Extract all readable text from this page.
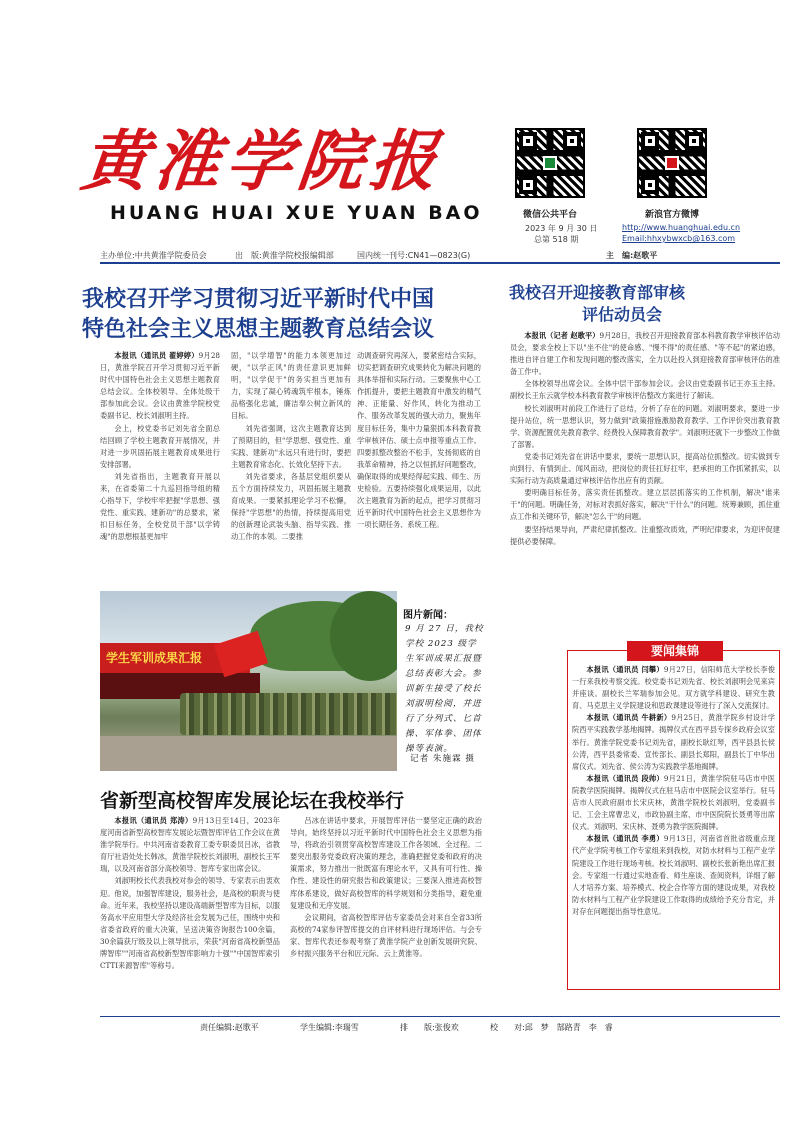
黄淮学院报
HUANG HUAI XUE YUAN BAO	微信公共平台	新浪官方微博
2023 年 9 月 30 日
总第 518 期
http://www.huanghuai.edu.cn
Email:hhxybwxcb@163.com
主办单位:中共黄淮学院委员会	出　版:黄淮学院校报编辑部	国内统一刊号:CN41—0823(G)	主　编:赵歌平
我校召开学习贯彻习近平新时代中国
特色社会主义思想主题教育总结会议

本报讯（通讯员 翟婷婷）9月28日，黄淮学院召开学习贯彻习近平新时代中国特色社会主义思想主题教育总结会议。全体校领导、全体处级干部参加此会议。会议由黄淮学院校党委副书记、校长刘淑明主持。

会上，校党委书记刘先省全面总结回顾了学校主题教育开展情况，并对进一步巩固拓展主题教育成果进行安排部署。

刘先省指出，主题教育开展以来，在省委第二十九巡回指导组的精心指导下，学校牢牢把握"学思想、强党性、重实践、建新功"的总要求，紧扣目标任务，全校党员干部"以学铸魂"的思想根基更加牢

固，"以学增智"的能力本领更加过硬，"以学正风"的责任意识更加鲜明，"以学促干"的务实担当更加有力，实现了凝心铸魂筑牢根本，锤炼品格强化忠诚，廉洁奉公树立新风的目标。

刘先省强调，这次主题教育达到了预期目的，但"学思想、强党性、重实践、建新功"永远只有进行时，要把主题教育常态化、长效化坚持下去。

刘先省要求，各基层党组织要从五个方面持续发力，巩固拓展主题教育成果。一要紧抓理论学习不松懈，保持"学思想"的热情，持续提高用党的创新理论武装头脑、指导实践、推动工作的本领。二要推

动调查研究再深入，要紧密结合实际，切实把调查研究成果转化为解决问题的具体举措和实际行动。三要聚焦中心工作抓提升，要把主题教育中激发的精气神、正能量、好作风，转化为推动工作、服务改革发展的强大动力，聚焦年度目标任务，集中力量狠抓本科教育教学审核评估、硕士点申报等重点工作。四要抓整改整治不松手，发扬彻底的自我革命精神，持之以恒抓好问题整改，确保取得的成果经得起实践、师生、历史检验。五要持续强化成果运用，以此次主题教育为新的起点，把学习贯彻习近平新时代中国特色社会主义思想作为一项长期任务、系统工程。

学生军训成果汇报
图片新闻：
9 月 27 日，我校学校 2023 级学生军训成果汇报暨总结表彰大会。参训新生接受了校长刘淑明检阅，并进行了分列式、匕首操、军体拳、团体操等表演。
记者 朱施霖 摄
省新型高校智库发展论坛在我校举行

本报讯（通讯员 郑涛）9月13日至14日，2023年度河南省新型高校智库发展论坛暨智库评估工作会议在黄淮学院举行。中共河南省委教育工委专职委员吕冰，省教育厅社语处处长韩冰，黄淮学院校长刘淑明，副校长王军瑞，以及河南省部分高校领导、智库专家出席会议。

刘淑明校长代表我校对参会的领导、专家表示由衷欢迎。他说，加强智库建设，服务社会，是高校的职责与使命。近年来，我校坚持以建设高端新型智库为目标，以服务高水平应用型大学及经济社会发展为己任，围绕中央和省委省政府的重大决策，呈送决策咨询报告100余篇，30余篇获厅级及以上领导批示，荣获"河南省高校新型品牌智库""河南省高校新型智库影响力十强""中国智库索引CTTI来源智库"等称号。

吕冰在讲话中要求，开展智库评估一要坚定正确的政治导向，始终坚持以习近平新时代中国特色社会主义思想为指导，将政治引领贯穿高校智库建设工作各领域、全过程。二要突出服务党委政府决策的理念，准确把握党委和政府的决策需求，努力推出一批既富有理论水平，又具有可行性、操作性、建设性的研究报告和政策建议；三要深入推进高校智库体系建设，做好高校智库的科学规划和分类指导，避免重复建设和无序发展。

会议期间，省高校智库评估专家委员会对来自全省33所高校的74家参评智库提交的自评材料进行现场评估。与会专家、智库代表还参观考察了黄淮学院产业创新发展研究院、乡村振兴服务平台和匠元际、云上黄淮等。

我校召开迎接教育部审核
评估动员会

本报讯（记者 赵歌平）9月28日，我校召开迎接教育部本科教育教学审核评估动员会，要求全校上下以"坐不住"的使命感、"慢不得"的责任感、"等不起"的紧迫感，推进自评自建工作和发现问题的整改落实，全力以赴投入到迎接教育部审核评估的准备工作中。

全体校领导出席会议。全体中层干部参加会议。会议由党委副书记王亦玉主持。副校长王东云就学校本科教育教学审核评估整改方案进行了解读。

校长刘淑明对前段工作进行了总结，分析了存在的问题。刘淑明要求，要进一步提升站位，统一思想认识，努力做到"政策措施激励教育教学、工作评价突出教育教学、资源配置优先教育教学、经费投入保障教育教学"。刘淑明还就下一步整改工作做了部署。

党委书记刘先省在讲话中要求，要统一思想认识，提高站位抓整改。切实做到专向到行、有情到止、闻风而动，把岗位的责任扛好扛牢，把承担的工作抓紧抓实，以实际行动为高质量通过审核评估作出应有的贡献。

要明确目标任务，落实责任抓整改。建立层层抓落实的工作机制，解决"谁来干"的问题。明确任务，对标对表抓好落实，解决"干什么"的问题。统筹兼顾，抓住重点工作和关键环节，解决"怎么干"的问题。

要坚持结果导向，严肃纪律抓整改。注重整改质效，严明纪律要求，为迎评促建提供必要保障。

要闻集锦

本报讯（通讯员 闫攀）9月27日，信阳师范大学校长李俊一行来我校考察交流。校党委书记刘先省、校长刘淑明会见来宾并座谈。副校长兰军瑞参加会见。双方就学科建设、研究生教育、马克思主义学院建设和思政课建设等进行了深入交流探讨。

本报讯（通讯员 牛耕新）9月25日，黄淮学院乡村设计学院西平实践教学基地揭牌。揭牌仪式在西平县专探乡政府会议室举行。黄淮学院党委书记刘先省，副校长耿红琴，西平县县长侯公涛，西平县委常委、宣传部长、副县长郑阳，副县长丁中华出席仪式。刘先省、侯公涛为实践教学基地揭牌。

本报讯（通讯员 段帅）9月21日，黄淮学院驻马店市中医院教学医院揭牌。揭牌仪式在驻马店市中医院会议室举行。驻马店市人民政府副市长宋庆林，黄淮学院校长刘淑明，党委副书记、工会主席曹忠义，市政协副主席、市中医院院长聂勇等出席仪式。刘淑明、宋庆林、聂勇为教学医院揭牌。

本报讯（通讯员 李勇）9月13日，河南省首批省级重点现代产业学院考核工作专家组来到我校，对防水材料与工程产业学院建设工作进行现场考核。校长刘淑明、副校长张新艳出席汇报会。专家组一行通过实地查看、师生座谈、查阅资料，详细了解人才培养方案、培养模式、校企合作等方面的建设成果，对我校防水材料与工程产业学院建设工作取得的成绩给予充分肯定，并对存在问题提出指导性意见。

责任编辑:赵歌平	学生编辑:李瑞雪	排　　版:张俊欢	校　　对:邱　梦　郜路青　李　睿
